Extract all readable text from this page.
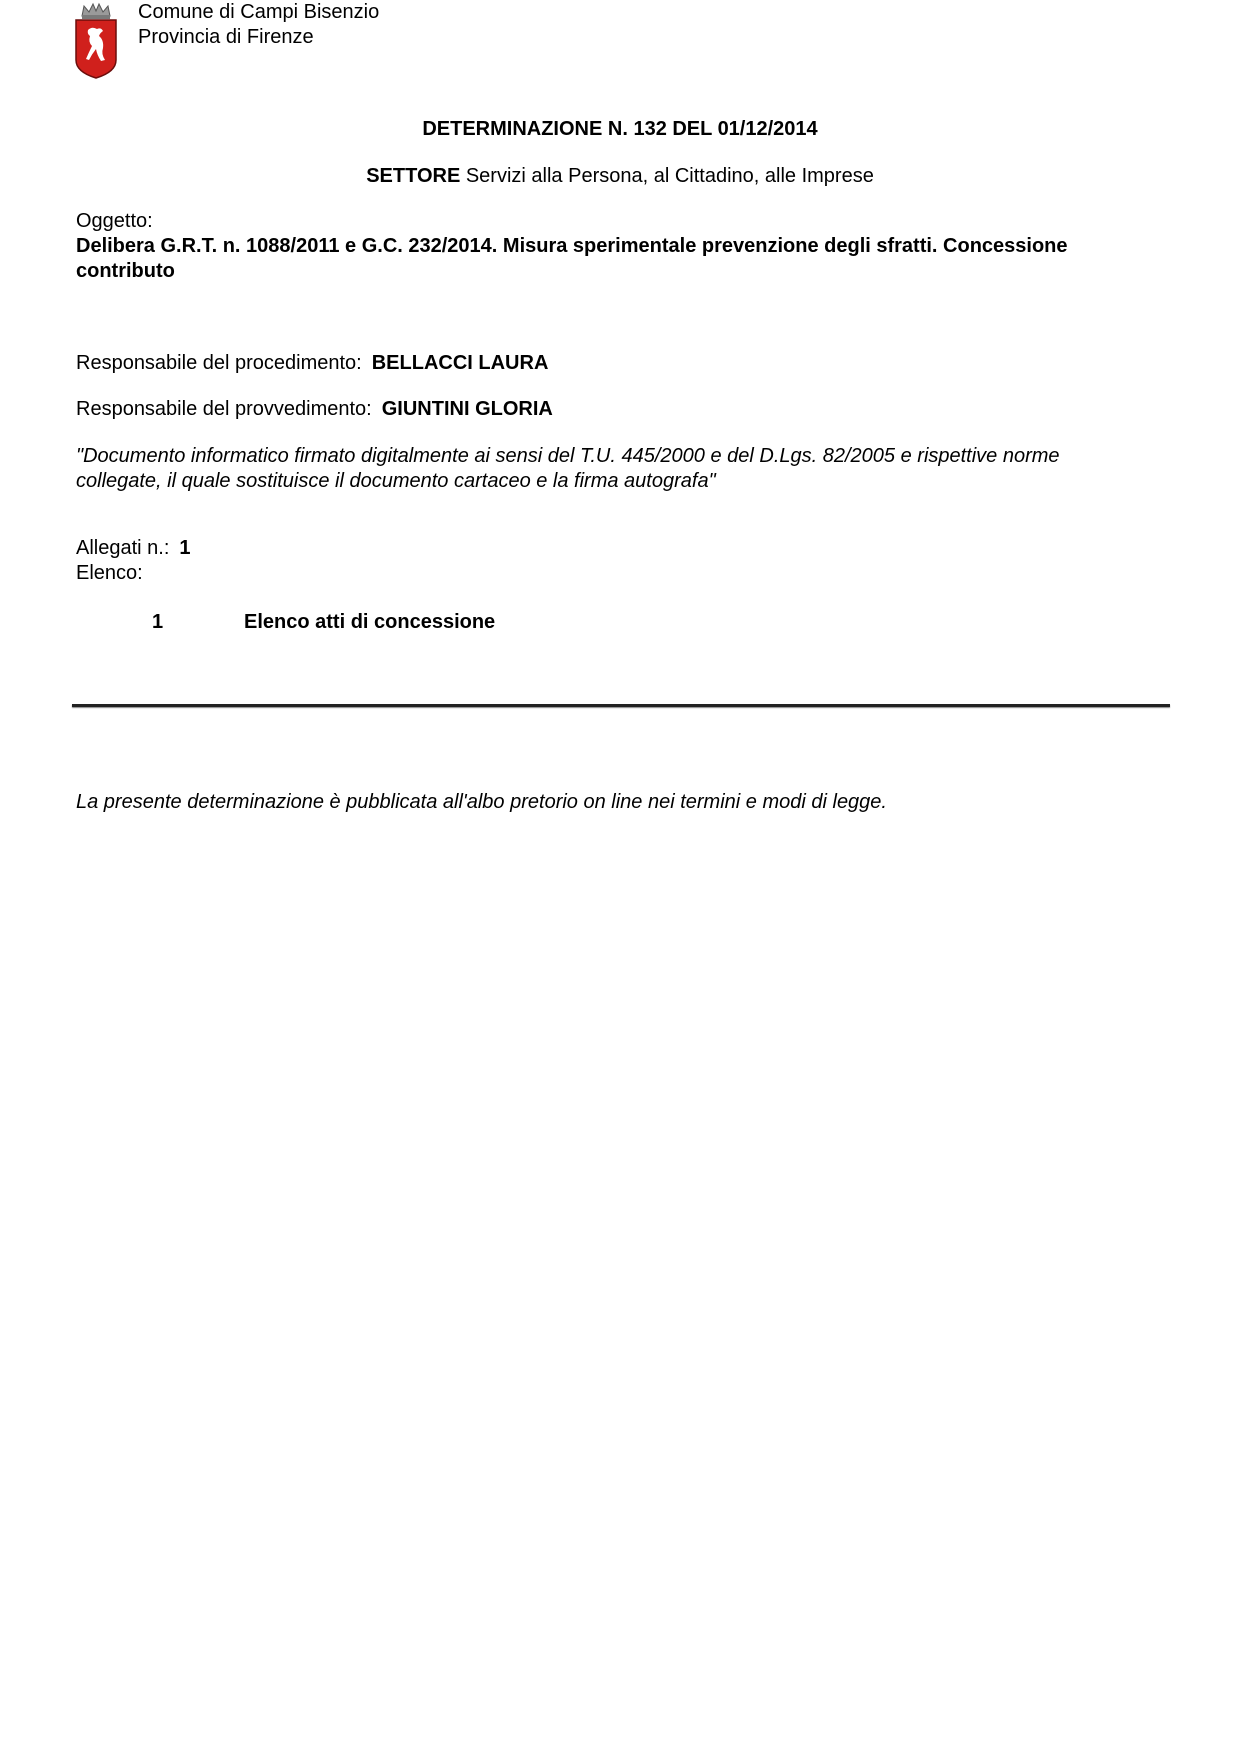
Comune di Campi Bisenzio
Provincia di Firenze
DETERMINAZIONE N. 132 DEL 01/12/2014
SETTORE Servizi alla Persona, al Cittadino, alle Imprese
Oggetto:
Delibera G.R.T. n. 1088/2011 e G.C. 232/2014. Misura sperimentale prevenzione degli sfratti. Concessione contributo
Responsabile del procedimento: BELLACCI LAURA
Responsabile del provvedimento: GIUNTINI GLORIA
"Documento informatico firmato digitalmente ai sensi del T.U. 445/2000 e del D.Lgs. 82/2005 e rispettive norme collegate, il quale sostituisce il documento cartaceo e la firma autografa"
Allegati n.: 1
Elenco:
1	Elenco atti di concessione
La presente determinazione è pubblicata all'albo pretorio on line nei termini e modi di legge.
